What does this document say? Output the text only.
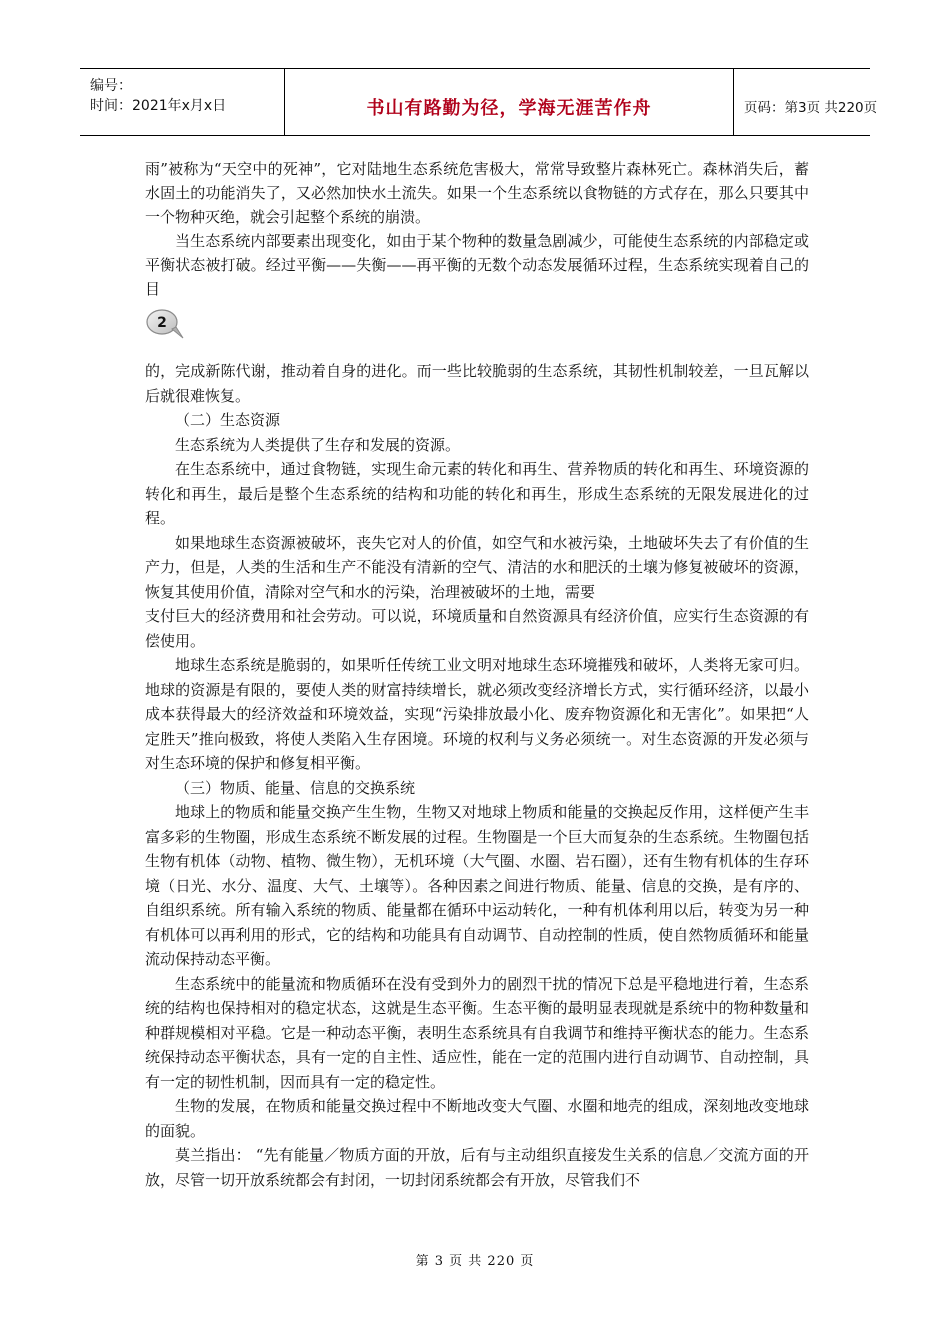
编号：
时间：2021年x月x日	书山有路勤为径，学海无涯苦作舟	页码：第3页 共220页

雨”被称为“天空中的死神”，它对陆地生态系统危害极大，常常导致整片森林死亡。森林消失后，蓄水固土的功能消失了，又必然加快水土流失。如果一个生态系统以食物链的方式存在，那么只要其中一个物种灭绝，就会引起整个系统的崩溃。

当生态系统内部要素出现变化，如由于某个物种的数量急剧减少，可能使生态系统的内部稳定或平衡状态被打破。经过平衡——失衡——再平衡的无数个动态发展循环过程，生态系统实现着自己的目

2

的，完成新陈代谢，推动着自身的进化。而一些比较脆弱的生态系统，其韧性机制较差，一旦瓦解以后就很难恢复。

（二）生态资源

生态系统为人类提供了生存和发展的资源。

在生态系统中，通过食物链，实现生命元素的转化和再生、营养物质的转化和再生、环境资源的转化和再生，最后是整个生态系统的结构和功能的转化和再生，形成生态系统的无限发展进化的过程。

如果地球生态资源被破坏，丧失它对人的价值，如空气和水被污染，土地破坏失去了有价值的生产力，但是，人类的生活和生产不能没有清新的空气、清洁的水和肥沃的土壤为修复被破坏的资源，恢复其使用价值，清除对空气和水的污染，治理被破坏的土地，需要

支付巨大的经济费用和社会劳动。可以说，环境质量和自然资源具有经济价值，应实行生态资源的有偿使用。

地球生态系统是脆弱的，如果听任传统工业文明对地球生态环境摧残和破坏，人类将无家可归。地球的资源是有限的，要使人类的财富持续增长，就必须改变经济增长方式，实行循环经济，以最小成本获得最大的经济效益和环境效益，实现“污染排放最小化、废弃物资源化和无害化”。如果把“人定胜天”推向极致，将使人类陷入生存困境。环境的权利与义务必须统一。对生态资源的开发必须与对生态环境的保护和修复相平衡。

（三）物质、能量、信息的交换系统

地球上的物质和能量交换产生生物，生物又对地球上物质和能量的交换起反作用，这样便产生丰富多彩的生物圈，形成生态系统不断发展的过程。生物圈是一个巨大而复杂的生态系统。生物圈包括生物有机体（动物、植物、微生物），无机环境（大气圈、水圈、岩石圈），还有生物有机体的生存环境（日光、水分、温度、大气、土壤等）。各种因素之间进行物质、能量、信息的交换，是有序的、自组织系统。所有输入系统的物质、能量都在循环中运动转化，一种有机体利用以后，转变为另一种有机体可以再利用的形式，它的结构和功能具有自动调节、自动控制的性质，使自然物质循环和能量流动保持动态平衡。

生态系统中的能量流和物质循环在没有受到外力的剧烈干扰的情况下总是平稳地进行着，生态系统的结构也保持相对的稳定状态，这就是生态平衡。生态平衡的最明显表现就是系统中的物种数量和种群规模相对平稳。它是一种动态平衡，表明生态系统具有自我调节和维持平衡状态的能力。生态系统保持动态平衡状态，具有一定的自主性、适应性，能在一定的范围内进行自动调节、自动控制，具有一定的韧性机制，因而具有一定的稳定性。

生物的发展，在物质和能量交换过程中不断地改变大气圈、水圈和地壳的组成，深刻地改变地球的面貌。

莫兰指出： “先有能量／物质方面的开放，后有与主动组织直接发生关系的信息／交流方面的开放，尽管一切开放系统都会有封闭，一切封闭系统都会有开放，尽管我们不

第 3 页 共 220 页
